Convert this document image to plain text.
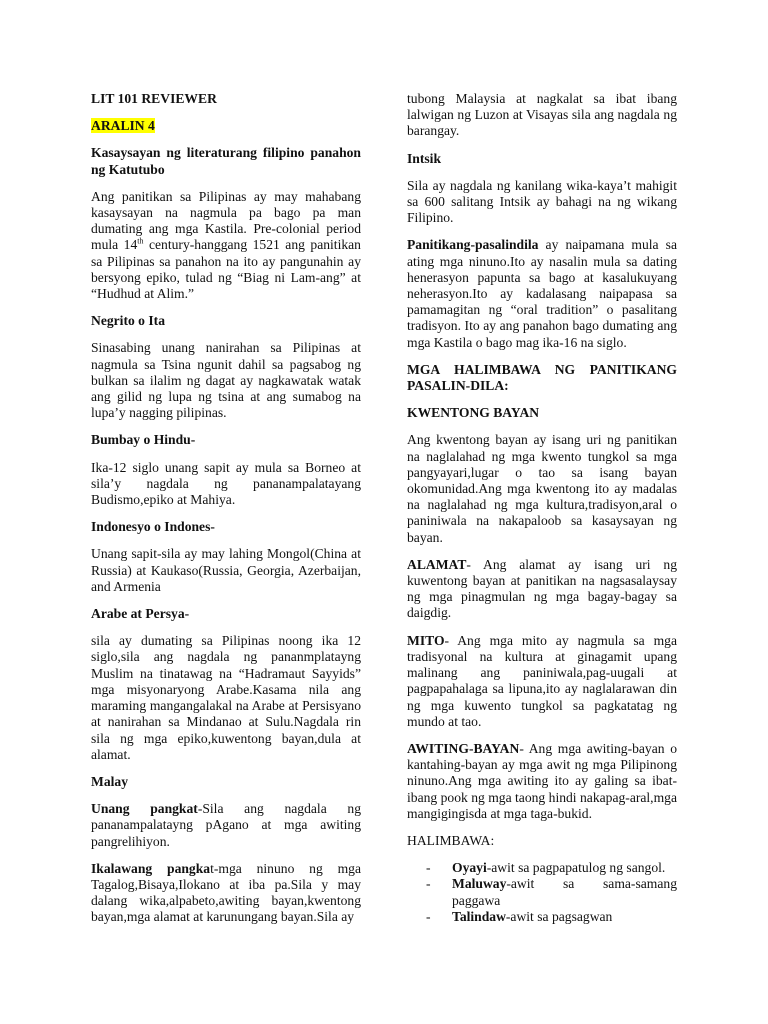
LIT 101 REVIEWER

ARALIN 4

Kasaysayan ng literaturang filipino panahon ng Katutubo

Ang panitikan sa Pilipinas ay may mahabang kasaysayan na nagmula pa bago pa man dumating ang mga Kastila. Pre-colonial period mula 14th century-hanggang 1521 ang panitikan sa Pilipinas sa panahon na ito ay pangunahin ay bersyong epiko, tulad ng “Biag ni Lam-ang” at “Hudhud at Alim.”

Negrito o Ita

Sinasabing unang nanirahan sa Pilipinas at nagmula sa Tsina ngunit dahil sa pagsabog ng bulkan sa ilalim ng dagat ay nagkawatak watak ang gilid ng lupa ng tsina at ang sumabog na lupa’y nagging pilipinas.

Bumbay o Hindu-

Ika-12 siglo unang sapit ay mula sa Borneo at sila’y nagdala ng pananampalatayang Budismo,epiko at Mahiya.

Indonesyo o Indones-

Unang sapit-sila ay may lahing Mongol(China at Russia) at Kaukaso(Russia, Georgia, Azerbaijan, and Armenia

Arabe at Persya-

sila ay dumating sa Pilipinas noong ika 12 siglo,sila ang nagdala ng pananmplatayng Muslim na tinatawag na “Hadramaut Sayyids” mga misyonaryong Arabe.Kasama nila ang maraming mangangalakal na Arabe at Persisyano at nanirahan sa Mindanao at Sulu.Nagdala rin sila ng mga epiko,kuwentong bayan,dula at alamat.

Malay

Unang pangkat-Sila ang nagdala ng pananampalatayng pAgano at mga awiting pangrelihiyon.

Ikalawang pangkat-mga ninuno ng mga Tagalog,Bisaya,Ilokano at iba pa.Sila y may dalang wika,alpabeto,awiting bayan,kwentong bayan,mga alamat at karunungang bayan.Sila ay

tubong Malaysia at nagkalat sa ibat ibang lalwigan ng Luzon at Visayas sila ang nagdala ng barangay.

Intsik

Sila ay nagdala ng kanilang wika-kaya’t mahigit sa 600 salitang Intsik ay bahagi na ng wikang Filipino.

Panitikang-pasalindila ay naipamana mula sa ating mga ninuno.Ito ay nasalin mula sa dating henerasyon papunta sa bago at kasalukuyang neherasyon.Ito ay kadalasang naipapasa sa pamamagitan ng “oral tradition” o pasalitang tradisyon. Ito ay ang panahon bago dumating ang mga Kastila o bago mag ika-16 na siglo.

MGA HALIMBAWA NG PANITIKANG PASALIN-DILA:

KWENTONG BAYAN

Ang kwentong bayan ay isang uri ng panitikan na naglalahad ng mga kwento tungkol sa mga pangyayari,lugar o tao sa isang bayan okomunidad.Ang mga kwentong ito ay madalas na naglalahad ng mga kultura,tradisyon,aral o paniniwala na nakapaloob sa kasaysayan ng bayan.

ALAMAT- Ang alamat ay isang uri ng kuwentong bayan at panitikan na nagsasalaysay ng mga pinagmulan ng mga bagay-bagay sa daigdig.

MITO- Ang mga mito ay nagmula sa mga tradisyonal na kultura at ginagamit upang malinang ang paniniwala,pag-uugali at pagpapahalaga sa lipuna,ito ay naglalarawan din ng mga kuwento tungkol sa pagkatatag ng mundo at tao.

AWITING-BAYAN- Ang mga awiting-bayan o kantahing-bayan ay mga awit ng mga Pilipinong ninuno.Ang mga awiting ito ay galing sa ibat-ibang pook ng mga taong hindi nakapag-aral,mga mangigingisda at mga taga-bukid.

HALIMBAWA:

- Oyayi-awit sa pagpapatulog ng sangol.
- Maluway-awit sa sama-samang paggawa
- Talindaw-awit sa pagsagwan
